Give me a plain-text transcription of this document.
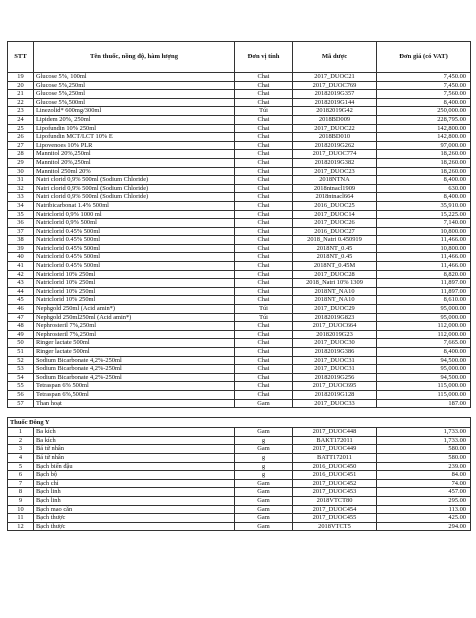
STT	Tên thuốc, nồng độ, hàm lượng	Đơn vị tính	Mã dược	Đơn giá (có VAT)
19	Glucose 5%, 100ml	Chai	2017_DUOC21	7,450.00
20	Glucose 5%,250ml	Chai	2017_DUOC769	7,450.00
21	Glucose 5%,250ml	Chai	20182019G357	7,560.00
22	Glucose 5%,500ml	Chai	20182019G144	8,400.00
23	Linezolid* 600mg/300ml	Túi	20182019G42	250,000.00
24	Lipidem 20%, 250ml	Chai	2018BD009	228,795.00
25	Lipofundin 10% 250ml	Chai	2017_DUOC22	142,800.00
26	Lipofundin MCT/LCT 10% E	Chai	2018BD010	142,800.00
27	Lipovenoes 10% PLR	Chai	20182019G262	97,000.00
28	Mannitol 20%,250ml	Chai	2017_DUOC774	18,260.00
29	Mannitol 20%,250ml	Chai	20182019G382	18,260.00
30	Mannitol 250ml 20%	Chai	2017_DUOC23	18,260.00
31	Natri clorid 0,9% 500ml (Sodium Chloride)	Chai	2018NTNA	8,400.00
32	Natri clorid 0,9% 500ml (Sodium Chloride)	Chai	2018ntnacl1909	630.00
33	Natri clorid 0,9% 500ml (Sodium Chloride)	Chai	2018ntnacl664	8,400.00
34	Natribicarbonat 1.4% 500ml	Chai	2016_DUOC25	35,910.00
35	Natriclorid 0,9% 1000 ml	Chai	2017_DUOC14	15,225.00
36	Natriclorid 0,9% 500ml	Chai	2017_DUOC26	7,140.00
37	Natriclorid 0.45% 500ml	Chai	2016_DUOC27	10,800.00
38	Natriclorid 0.45% 500ml	Chai	2018_Natri 0.450919	11,466.00
39	Natriclorid 0.45% 500ml	Chai	2018NT_0.45	10,800.00
40	Natriclorid 0.45% 500ml	Chai	2018NT_0.45	11,466.00
41	Natriclorid 0.45% 500ml	Chai	2018NT_0.45M	11,466.00
42	Natriclorid 10% 250ml	Chai	2017_DUOC28	8,820.00
43	Natriclorid 10% 250ml	Chai	2018_Natri 10% 1309	11,897.00
44	Natriclorid 10% 250ml	Chai	2018NT_NA10	11,897.00
45	Natriclorid 10% 250ml	Chai	2018NT_NA10	8,610.00
46	Nephgold 250ml (Acid amin*)	Túi	2017_DUOC29	95,000.00
47	Nephgold 250ml250ml (Acid amin*)	Túi	20182019G823	95,000.00
48	Nephrosteril 7%,250ml	Chai	2017_DUOC664	112,000.00
49	Nephrosteril 7%,250ml	Chai	20182019G23	112,000.00
50	Ringer lactate 500ml	Chai	2017_DUOC30	7,665.00
51	Ringer lactate 500ml	Chai	20182019G386	8,400.00
52	Sodium Bicarbonate 4,2%-250ml	Chai	2017_DUOC31	94,500.00
53	Sodium Bicarbonate 4,2%-250ml	Chai	2017_DUOC31	95,000.00
54	Sodium Bicarbonate 4,2%-250ml	Chai	20182019G256	94,500.00
55	Tetraspan 6% 500ml	Chai	2017_DUOC695	115,000.00
56	Tetraspan 6%,500ml	Chai	20182019G128	115,000.00
57	Than hoạt	Gam	2017_DUOC33	187.00

Thuốc Đông Y				
1	Ba kích	Gam	2017_DUOC448	1,733.00
2	Ba kích	g	BAKT172011	1,733.00
3	Bá tử nhân	Gam	2017_DUOC449	580.00
4	Bá tử nhân	g	BATT172011	580.00
5	Bạch biển đậu	g	2016_DUOC450	239.00
6	Bạch bộ	g	2016_DUOC451	84.00
7	Bạch chỉ	Gam	2017_DUOC452	74.00
8	Bạch linh	Gam	2017_DUOC453	457.00
9	Bạch linh	Gam	2018VTCT80	295.00
10	Bạch mao căn	Gam	2017_DUOC454	113.00
11	Bạch thược	Gam	2017_DUOC455	425.00
12	Bạch thược	Gam	2018VTCT5	294.00
